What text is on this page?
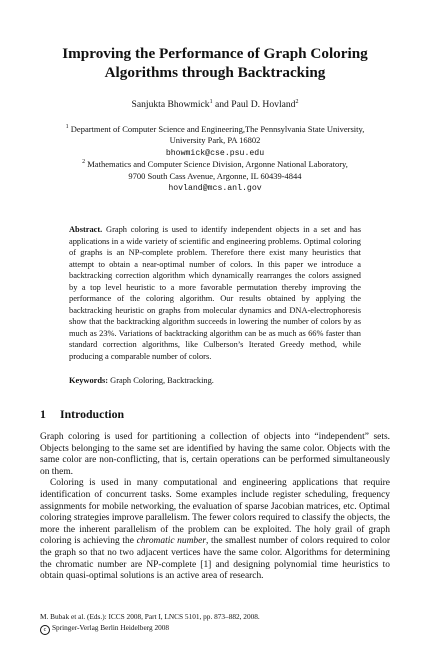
Improving the Performance of Graph Coloring
Algorithms through Backtracking
Sanjukta Bhowmick$^1$ and Paul D. Hovland$^2$
$^1$ Department of Computer Science and Engineering,The Pennsylvania State University,
University Park, PA 16802
bhowmick@cse.psu.edu
$^2$ Mathematics and Computer Science Division, Argonne National Laboratory,
9700 South Cass Avenue, Argonne, IL 60439-4844
hovland@mcs.anl.gov
Abstract. Graph coloring is used to identify independent objects in a set and has applications in a wide variety of scientific and engineering problems. Optimal coloring of graphs is an NP-complete problem. Therefore there exist many heuristics that attempt to obtain a near-optimal number of colors. In this paper we introduce a backtracking correction algorithm which dynamically rearranges the colors assigned by a top level heuristic to a more favorable permutation thereby improving the performance of the coloring algorithm. Our results obtained by applying the backtracking heuristic on graphs from molecular dynamics and DNA-electrophoresis show that the backtracking algorithm succeeds in lowering the number of colors by as much as 23%. Variations of backtracking algorithm can be as much as 66% faster than standard correction algorithms, like Culberson’s Iterated Greedy method, while producing a comparable number of colors.
Keywords: Graph Coloring, Backtracking.
1 Introduction

Graph coloring is used for partitioning a collection of objects into “independent” sets. Objects belonging to the same set are identified by having the same color. Objects with the same color are non-conflicting, that is, certain operations can be performed simultaneously on them.

Coloring is used in many computational and engineering applications that require identification of concurrent tasks. Some examples include register scheduling, frequency assignments for mobile networking, the evaluation of sparse Jacobian matrices, etc. Optimal coloring strategies improve parallelism. The fewer colors required to classify the objects, the more the inherent parallelism of the problem can be exploited. The holy grail of graph coloring is achieving the chromatic number, the smallest number of colors required to color the graph so that no two adjacent vertices have the same color. Algorithms for determining the chromatic number are NP-complete [1] and designing polynomial time heuristics to obtain quasi-optimal solutions is an active area of research.

M. Bubak et al. (Eds.): ICCS 2008, Part I, LNCS 5101, pp. 873–882, 2008.
cSpringer-Verlag Berlin Heidelberg 2008
